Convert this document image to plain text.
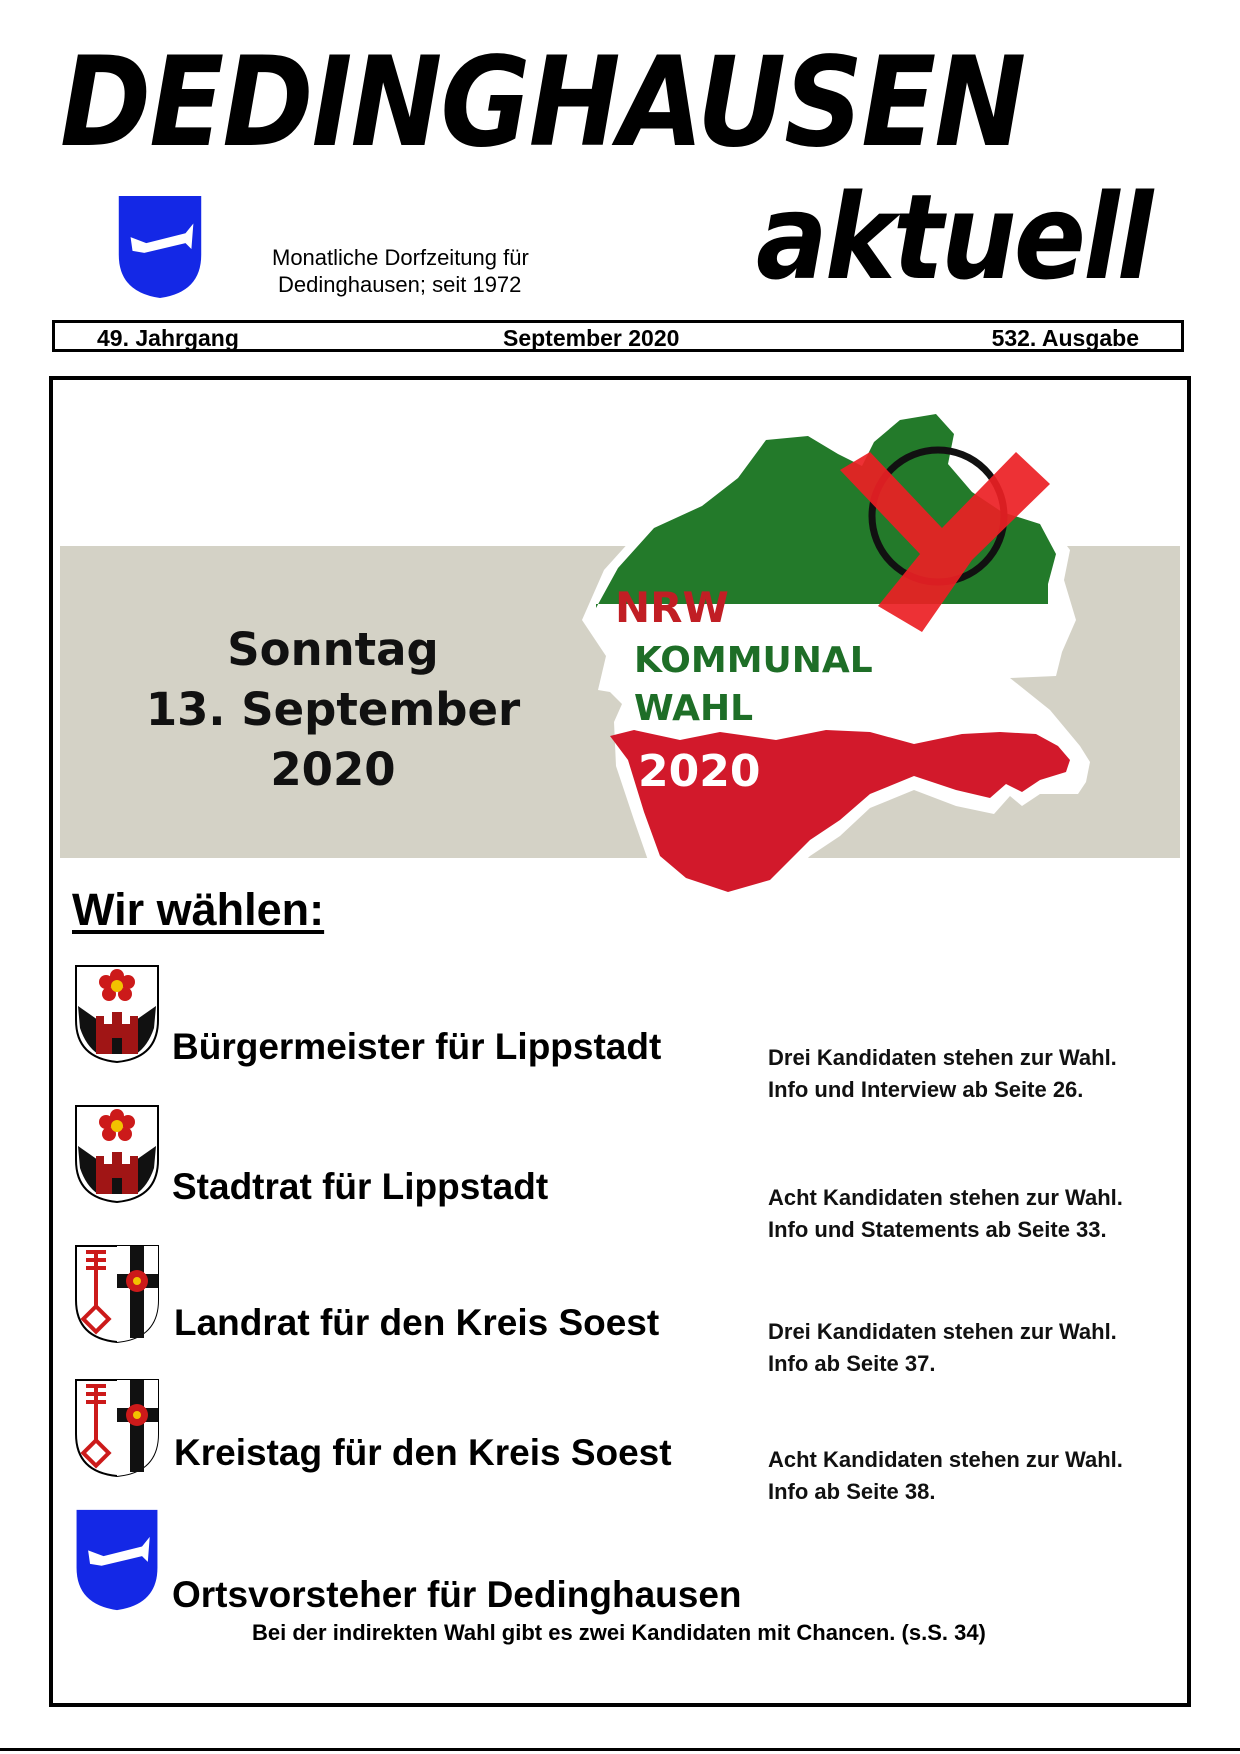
DEDINGHAUSEN
aktuell
Monatliche Dorfzeitung für
Dedinghausen; seit 1972
49. Jahrgang	September 2020	532. Ausgabe
NRW
KOMMUNAL
WAHL
2020
Sonntag
13. September
2020
Wir wählen:
Bürgermeister für Lippstadt	Drei Kandidaten stehen zur Wahl.
Info und Interview ab Seite 26.
Stadtrat für Lippstadt	Acht Kandidaten stehen zur Wahl.
Info und Statements ab Seite 33.
Landrat für den Kreis Soest	Drei Kandidaten stehen zur Wahl.
Info ab Seite 37.
Kreistag für den Kreis Soest	Acht Kandidaten stehen zur Wahl.
Info ab Seite 38.
Ortsvorsteher für Dedinghausen
Bei der indirekten Wahl gibt es zwei Kandidaten mit Chancen. (s.S. 34)
